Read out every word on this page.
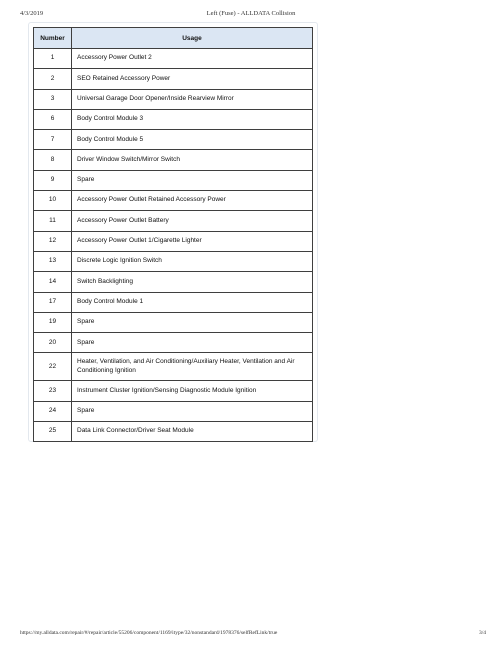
4/3/2019	Left (Fuse) - ALLDATA Collision
Number	Usage
1	Accessory Power Outlet 2
2	SEO Retained Accessory Power
3	Universal Garage Door Opener/Inside Rearview Mirror
6	Body Control Module 3
7	Body Control Module 5
8	Driver Window Switch/Mirror Switch
9	Spare
10	Accessory Power Outlet Retained Accessory Power
11	Accessory Power Outlet Battery
12	Accessory Power Outlet 1/Cigarette Lighter
13	Discrete Logic Ignition Switch
14	Switch Backlighting
17	Body Control Module 1
19	Spare
20	Spare
22	Heater, Ventilation, and Air Conditioning/Auxiliary Heater, Ventilation and Air Conditioning Ignition
23	Instrument Cluster Ignition/Sensing Diagnostic Module Ignition
24	Spare
25	Data Link Connector/Driver Seat Module
https://my.alldata.com/repair/#/repair/article/55206/component/1169/itype/32/nonstandard/1978376/selfRefLink/true	3/4
